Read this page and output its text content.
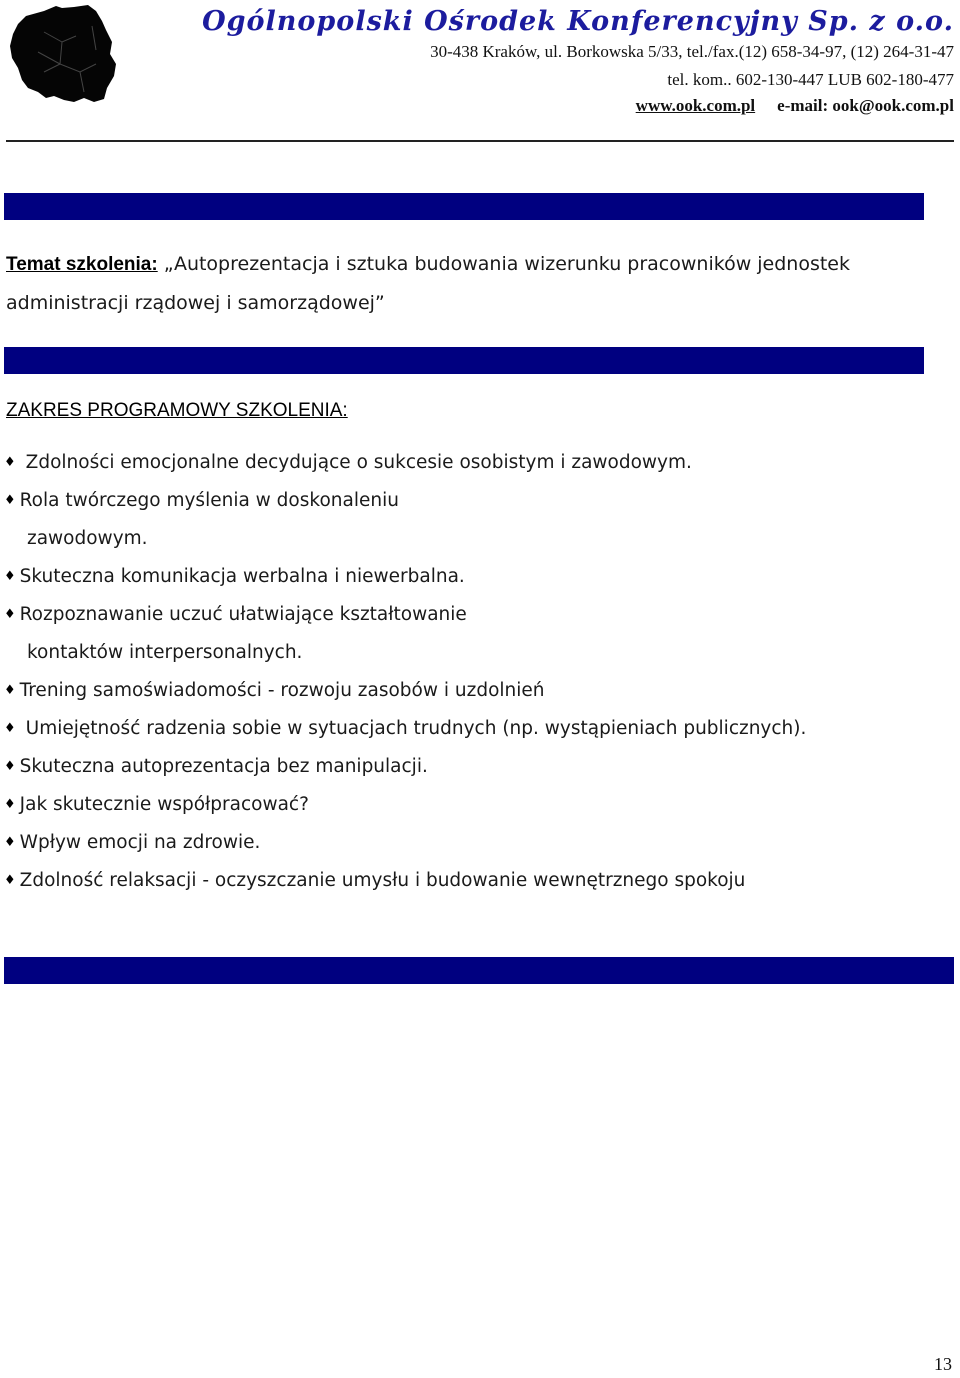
Ogólnopolski Ośrodek Konferencyjny Sp. z o.o.
30-438 Kraków, ul. Borkowska 5/33, tel./fax.(12) 658-34-97, (12) 264-31-47
tel. kom.. 602-130-447 LUB 602-180-477
www.ook.com.pl e-mail: ook@ook.com.pl

Temat szkolenia: „Autoprezentacja i sztuka budowania wizerunku pracowników jednostek administracji rządowej i samorządowej”

ZAKRES PROGRAMOWY SZKOLENIA:
♦ Zdolności emocjonalne decydujące o sukcesie osobistym i zawodowym.
♦ Rola twórczego myślenia w doskonaleniu
zawodowym.
♦ Skuteczna komunikacja werbalna i niewerbalna.
♦ Rozpoznawanie uczuć ułatwiające kształtowanie
kontaktów interpersonalnych.
♦ Trening samoświadomości - rozwoju zasobów i uzdolnień
♦ Umiejętność radzenia sobie w sytuacjach trudnych (np. wystąpieniach publicznych).
♦ Skuteczna autoprezentacja bez manipulacji.
♦ Jak skutecznie współpracować?
♦ Wpływ emocji na zdrowie.
♦ Zdolność relaksacji - oczyszczanie umysłu i budowanie wewnętrznego spokoju
13
